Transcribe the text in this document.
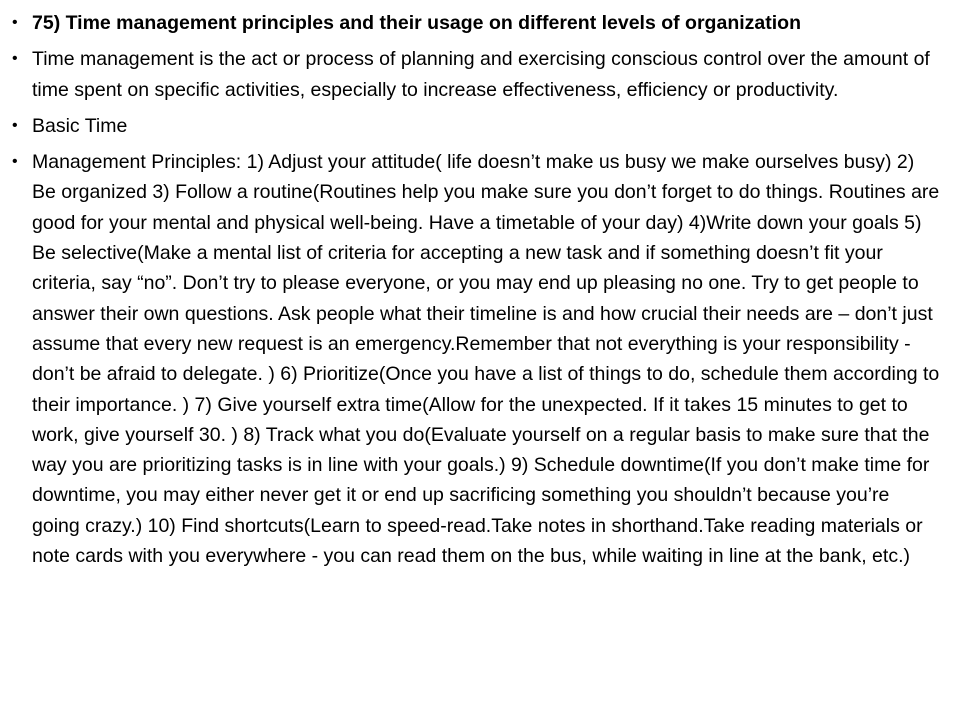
• 75) Time management principles and their usage on different levels of organization
• Time management is the act or process of planning and exercising conscious control over the amount of time spent on specific activities, especially to increase effectiveness, efficiency or productivity.
• Basic Time
• Management Principles: 1) Adjust your attitude( life doesn’t make us busy we make ourselves busy) 2) Be organized 3) Follow a routine(Routines help you make sure you don’t forget to do things. Routines are good for your mental and physical well-being. Have a timetable of your day) 4)Write down your goals 5) Be selective(Make a mental list of criteria for accepting a new task and if something doesn’t fit your criteria, say “no”. Don’t try to please everyone, or you may end up pleasing no one. Try to get people to answer their own questions. Ask people what their timeline is and how crucial their needs are – don’t just assume that every new request is an emergency.Remember that not everything is your responsibility - don’t be afraid to delegate. ) 6) Prioritize(Once you have a list of things to do, schedule them according to their importance. ) 7) Give yourself extra time(Allow for the unexpected. If it takes 15 minutes to get to work, give yourself 30. ) 8) Track what you do(Evaluate yourself on a regular basis to make sure that the way you are prioritizing tasks is in line with your goals.) 9) Schedule downtime(If you don’t make time for downtime, you may either never get it or end up sacrificing something you shouldn’t because you’re going crazy.) 10) Find shortcuts(Learn to speed-read.Take notes in shorthand.Take reading materials or note cards with you everywhere - you can read them on the bus, while waiting in line at the bank, etc.)
